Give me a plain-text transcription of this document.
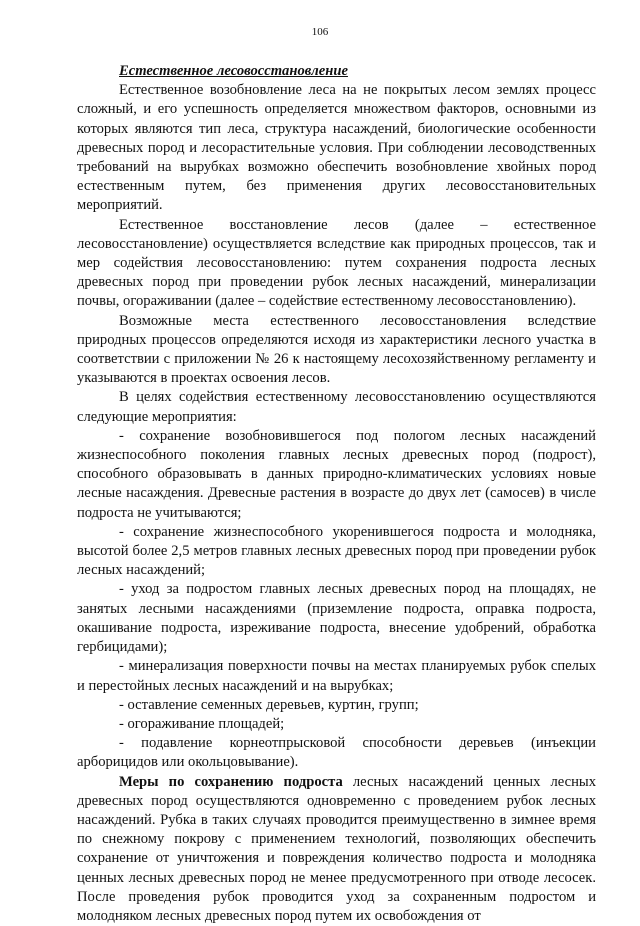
106

Естественное лесовосстановление

Естественное возобновление леса на не покрытых лесом землях процесс сложный, и его успешность определяется множеством факторов, основными из которых являются тип леса, структура насаждений, биологические особенности древесных пород и лесорастительные условия. При соблюдении лесоводственных требований на вырубках возможно обеспечить возобновление хвойных пород естественным путем, без применения других лесовосстановительных мероприятий.

Естественное восстановление лесов (далее – естественное лесовосстановление) осуществляется вследствие как природных процессов, так и мер содействия лесовосстановлению: путем сохранения подроста лесных древесных пород при проведении рубок лесных насаждений, минерализации почвы, огораживании (далее – содействие естественному лесовосстановлению).

Возможные места естественного лесовосстановления вследствие природных процессов определяются исходя из характеристики лесного участка в соответствии с приложении № 26 к настоящему лесохозяйственному регламенту и указываются в проектах освоения лесов.

В целях содействия естественному лесовосстановлению осуществляются следующие мероприятия:

- сохранение возобновившегося под пологом лесных насаждений жизнеспособного поколения главных лесных древесных пород (подрост), способного образовывать в данных природно-климатических условиях новые лесные насаждения. Древесные растения в возрасте до двух лет (самосев) в числе подроста не учитываются;

- сохранение жизнеспособного укоренившегося подроста и молодняка, высотой более 2,5 метров главных лесных древесных пород при проведении рубок лесных насаждений;

- уход за подростом главных лесных древесных пород на площадях, не занятых лесными насаждениями (приземление подроста, оправка подроста, окашивание подроста, изреживание подроста, внесение удобрений, обработка гербицидами);

- минерализация поверхности почвы на местах планируемых рубок спелых и перестойных лесных насаждений и на вырубках;

- оставление семенных деревьев, куртин, групп;

- огораживание площадей;

- подавление корнеотпрысковой способности деревьев (инъекции арборицидов или окольцовывание).

Меры по сохранению подроста лесных насаждений ценных лесных древесных пород осуществляются одновременно с проведением рубок лесных насаждений. Рубка в таких случаях проводится преимущественно в зимнее время по снежному покрову с применением технологий, позволяющих обеспечить сохранение от уничтожения и повреждения количество подроста и молодняка ценных лесных древесных пород не менее предусмотренного при отводе лесосек. После проведения рубок проводится уход за сохраненным подростом и молодняком лесных древесных пород путем их освобождения от
